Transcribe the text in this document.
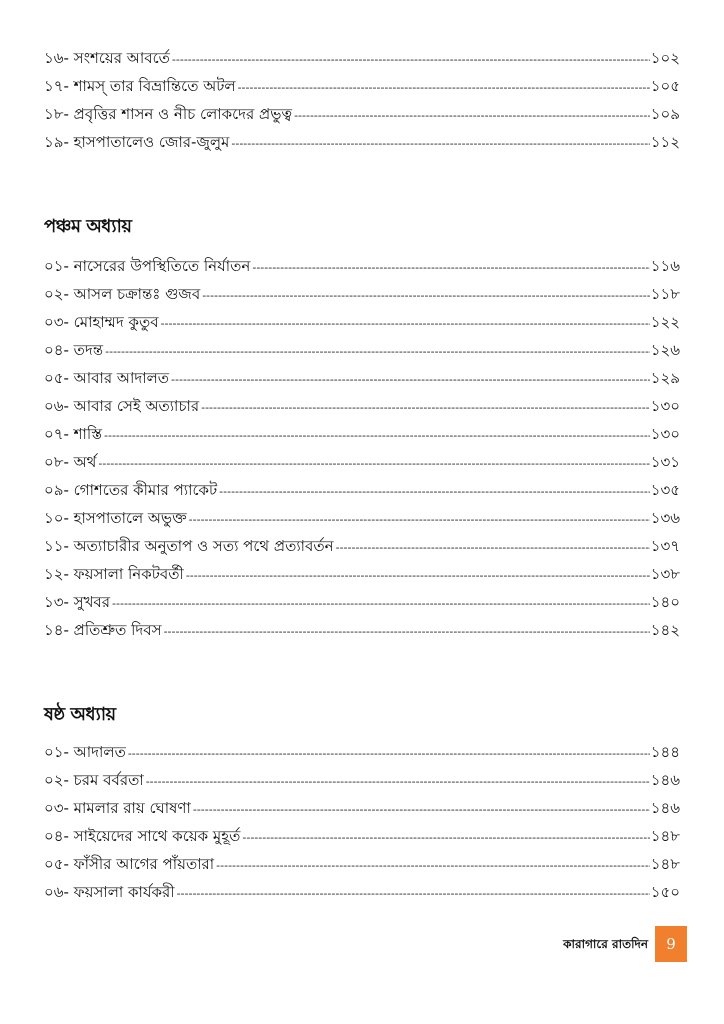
১৬- সংশয়ের আবর্তে -----	১০২
১৭- শামস্ তার বিভ্রান্তিতে অটল -----	১০৫
১৮- প্রবৃত্তির শাসন ও নীচ লোকদের প্রভুত্ব -----	১০৯
১৯- হাসপাতালেও জোর-জুলুম -----	১১২
পঞ্চম অধ্যায়
০১- নাসেরের উপস্থিতিতে নির্যাতন -----	১১৬
০২- আসল চক্রান্তঃ গুজব -----	১১৮
০৩- মোহাম্মদ কুতুব -----	১২২
০৪- তদন্ত -----	১২৬
০৫- আবার আদালত -----	১২৯
০৬- আবার সেই অত্যাচার -----	১৩০
০৭- শাস্তি -----	১৩০
০৮- অর্থ -----	১৩১
০৯- গোশতের কীমার প্যাকেট -----	১৩৫
১০- হাসপাতালে অভুক্ত -----	১৩৬
১১- অত্যাচারীর অনুতাপ ও সত্য পথে প্রত্যাবর্তন -----	১৩৭
১২- ফয়সালা নিকটবর্তী -----	১৩৮
১৩- সুখবর -----	১৪০
১৪- প্রতিশ্রুত দিবস -----	১৪২
ষষ্ঠ অধ্যায়
০১- আদালত -----	১৪৪
০২- চরম বর্বরতা -----	১৪৬
০৩- মামলার রায় ঘোষণা -----	১৪৬
০৪- সাইয়েদের সাথে কয়েক মুহূর্ত -----	১৪৮
০৫- ফাঁসীর আগের পাঁয়তারা -----	১৪৮
০৬- ফয়সালা কার্যকরী -----	১৫০
কারাগারে রাতদিন	9
